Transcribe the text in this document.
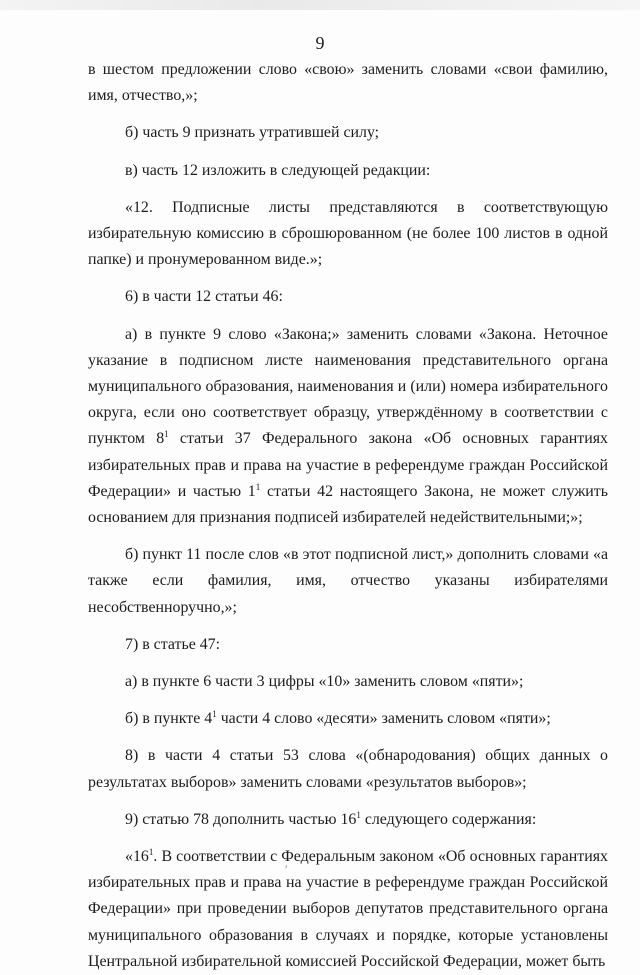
9

в шестом предложении слово «свою» заменить словами «свои фамилию, имя, отчество,»;

б) часть 9 признать утратившей силу;

в) часть 12 изложить в следующей редакции:

«12. Подписные листы представляются в соответствующую избирательную комиссию в сброшюрованном (не более 100 листов в одной папке) и пронумерованном виде.»;

6) в части 12 статьи 46:

а) в пункте 9 слово «Закона;» заменить словами «Закона. Неточное указание в подписном листе наименования представительного органа муниципального образования, наименования и (или) номера избирательного округа, если оно соответствует образцу, утверждённому в соответствии с пунктом $8^1$ статьи 37 Федерального закона «Об основных гарантиях избирательных прав и права на участие в референдуме граждан Российской Федерации» и частью $1^1$ статьи 42 настоящего Закона, не может служить основанием для признания подписей избирателей недействительными;»;

б) пункт 11 после слов «в этот подписной лист,» дополнить словами «а также если фамилия, имя, отчество указаны избирателями несобственноручно,»;

7) в статье 47:

а) в пункте 6 части 3 цифры «10» заменить словом «пяти»;

б) в пункте $4^1$ части 4 слово «десяти» заменить словом «пяти»;

8) в части 4 статьи 53 слова «(обнародования) общих данных о результатах выборов» заменить словами «результатов выборов»;

9) статью 78 дополнить частью $16^1$ следующего содержания:

«$16^1$. В соответствии с Федеральным законом «Об основных гарантиях избирательных прав и права на участие в референдуме граждан Российской Федерации» при проведении выборов депутатов представительного органа муниципального образования в случаях и порядке, которые установлены Центральной избирательной комиссией Российской Федерации, может быть

′
